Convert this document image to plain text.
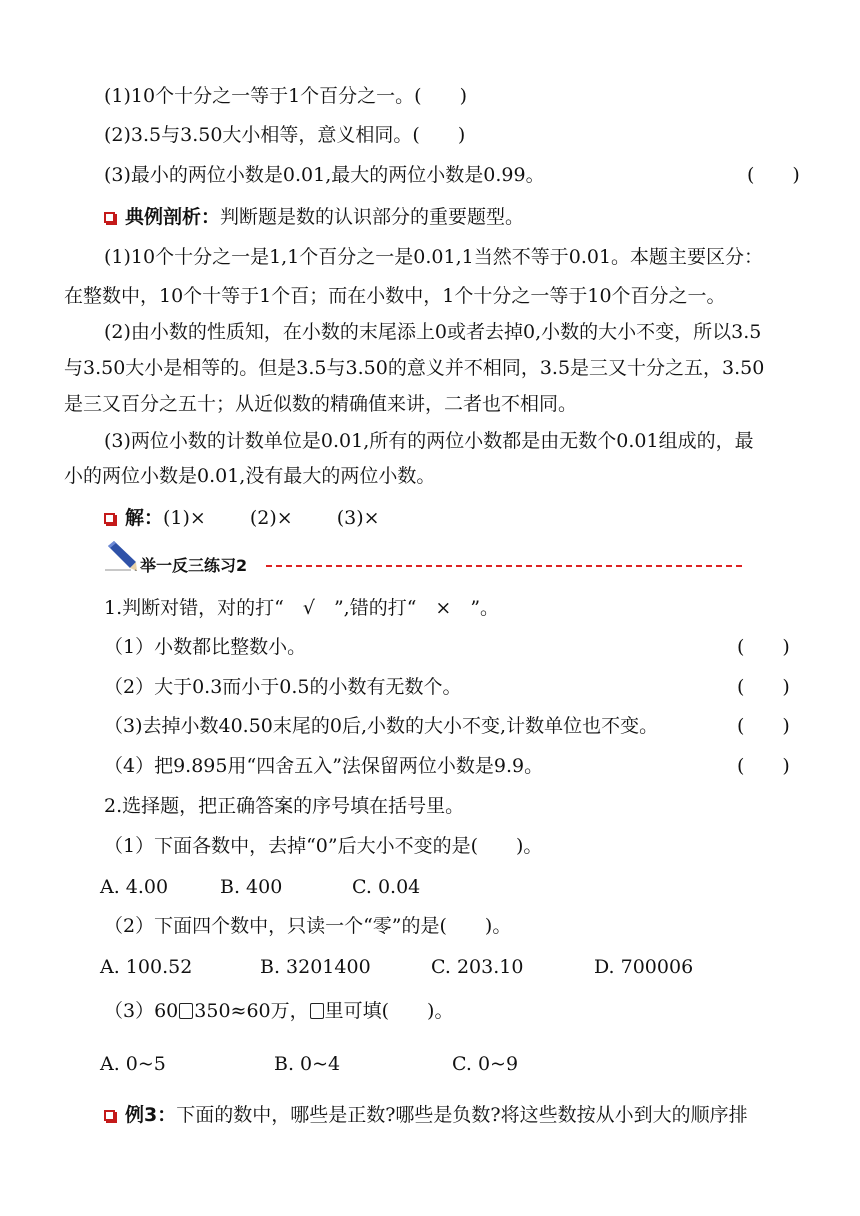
(1)10个十分之一等于1个百分之一。(　　)
(2)3.5与3.50大小相等，意义相同。(　　)
(3)最小的两位小数是0.01,最大的两位小数是0.99。	(　　)
典例剖析：判断题是数的认识部分的重要题型。
(1)10个十分之一是1,1个百分之一是0.01,1当然不等于0.01。本题主要区分：
在整数中，10个十等于1个百；而在小数中，1个十分之一等于10个百分之一。
(2)由小数的性质知，在小数的末尾添上0或者去掉0,小数的大小不变，所以3.5
与3.50大小是相等的。但是3.5与3.50的意义并不相同，3.5是三又十分之五，3.50
是三又百分之五十；从近似数的精确值来讲，二者也不相同。
(3)两位小数的计数单位是0.01,所有的两位小数都是由无数个0.01组成的，最
小的两位小数是0.01,没有最大的两位小数。
解：(1)×　　 (2)×　　 (3)×
举一反三练习2
1.判断对错，对的打“　√　”,错的打“　×　”。
（1）小数都比整数小。	(　　)
（2）大于0.3而小于0.5的小数有无数个。	(　　)
（3)去掉小数40.50末尾的0后,小数的大小不变,计数单位也不变。	(　　)
（4）把9.895用“四舍五入”法保留两位小数是9.9。	(　　)
2.选择题，把正确答案的序号填在括号里。
（1）下面各数中，去掉“0”后大小不变的是(　　)。
A. 4.00	B. 400	C. 0.04
（2）下面四个数中，只读一个“零”的是(　　)。
A. 100.52	B. 3201400	C. 203.10	D. 700006
（3）60 350≈60万， 里可填(　　)。
A. 0~5	B. 0~4	C. 0~9
例3：下面的数中，哪些是正数?哪些是负数?将这些数按从小到大的顺序排
